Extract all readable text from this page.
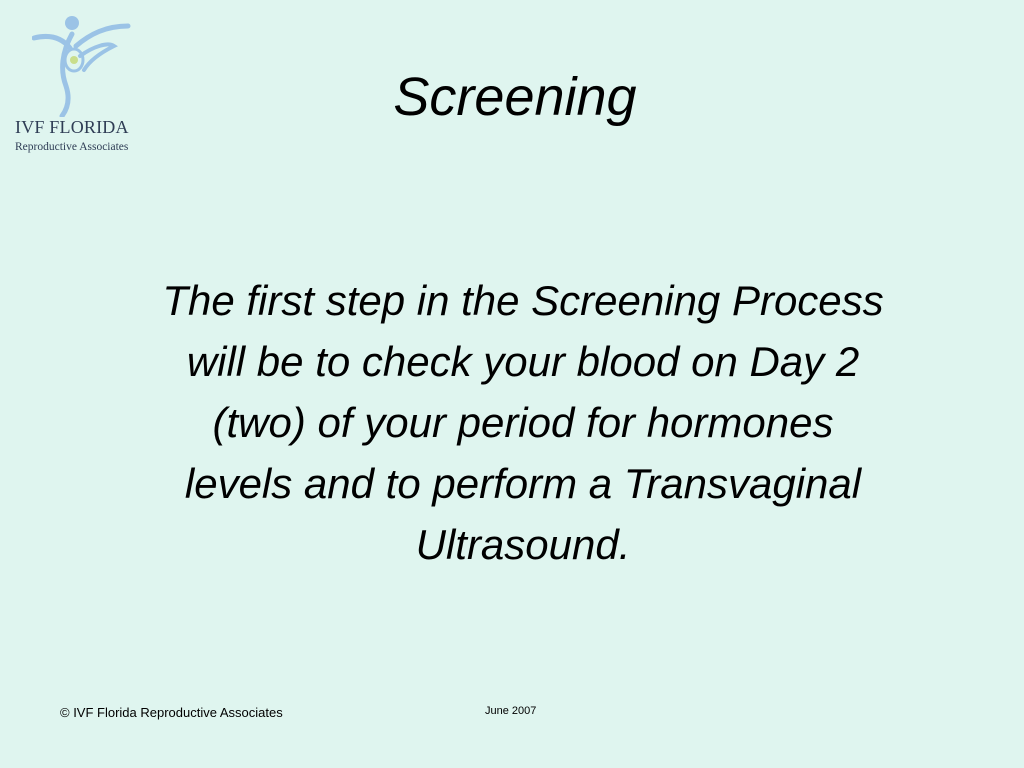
IVF FLORIDA
Reproductive Associates
Screening
The first step in the Screening Process
will be to check your blood on Day 2
(two) of your period for hormones
levels and to perform a Transvaginal
Ultrasound.
© IVF Florida Reproductive Associates	June 2007
